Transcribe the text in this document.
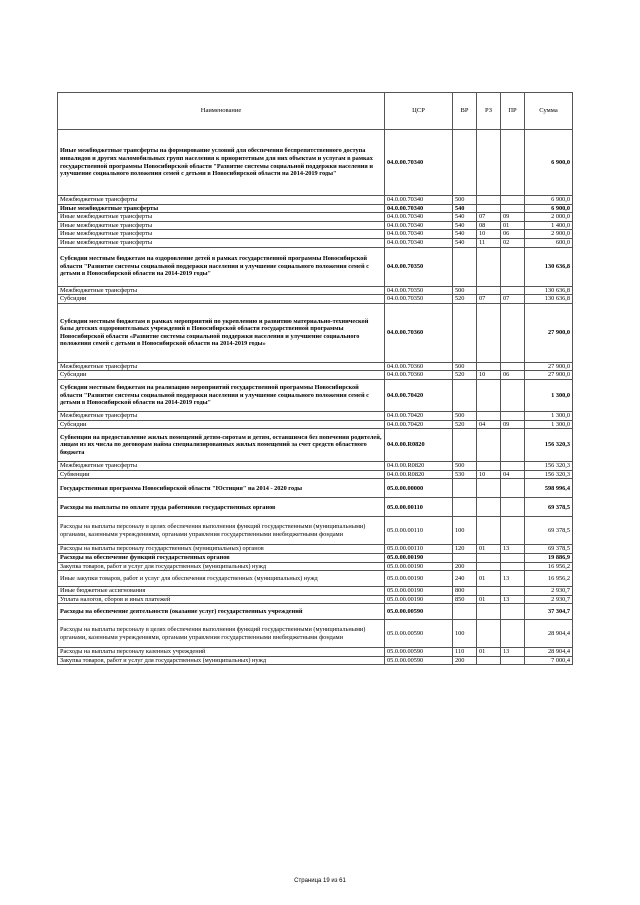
Наименование	ЦСР	ВР	РЗ	ПР	Сумма
Иные межбюджетные трансферты на формирование условий для обеспечения беспрепятственного доступа инвалидов и других маломобильных групп населения к приоритетным для них объектам и услугам в рамках государственной программы Новосибирской области "Развитие системы социальной поддержки населения и улучшение социального положения семей с детьми в Новосибирской области на 2014-2019 годы"	04.0.00.70340				6 900,0
Межбюджетные трансферты	04.0.00.70340	500			6 900,0
Иные межбюджетные трансферты	04.0.00.70340	540			6 900,0
Иные межбюджетные трансферты	04.0.00.70340	540	07	09	2 000,0
Иные межбюджетные трансферты	04.0.00.70340	540	08	01	1 400,0
Иные межбюджетные трансферты	04.0.00.70340	540	10	06	2 900,0
Иные межбюджетные трансферты	04.0.00.70340	540	11	02	600,0
Субсидии местным бюджетам на оздоровление детей в рамках государственной программы Новосибирской области "Развитие системы социальной поддержки населения и улучшение социального положения семей с детьми в Новосибирской области на 2014-2019 годы"	04.0.00.70350				130 636,8
Межбюджетные трансферты	04.0.00.70350	500			130 636,8
Субсидии	04.0.00.70350	520	07	07	130 636,8
Субсидии местным бюджетам в рамках мероприятий по укреплению и развитию материально-технической базы детских оздоровительных учреждений в Новосибирской области государственной программы Новосибирской области «Развитие системы социальной поддержки населения и улучшение социального положения семей с детьми в Новосибирской области на 2014-2019 годы»	04.0.00.70360				27 900,0
Межбюджетные трансферты	04.0.00.70360	500			27 900,0
Субсидии	04.0.00.70360	520	10	06	27 900,0
Субсидии местным бюджетам на реализацию мероприятий государственной программы Новосибирской области "Развитие системы социальной поддержки населения и улучшение социального положения семей с детьми в Новосибирской области на 2014-2019 годы"	04.0.00.70420				1 300,0
Межбюджетные трансферты	04.0.00.70420	500			1 300,0
Субсидии	04.0.00.70420	520	04	09	1 300,0
Субвенции на предоставление жилых помещений детям-сиротам и детям, оставшимся без попечения родителей, лицам из их числа по договорам найма специализированных жилых помещений за счет средств областного бюджета	04.0.00.R0820				156 320,3
Межбюджетные трансферты	04.0.00.R0820	500			156 320,3
Субвенции	04.0.00.R0820	530	10	04	156 320,3
Государственная программа Новосибирской области "Юстиция" на 2014 - 2020 годы	05.0.00.00000				598 996,4
Расходы на выплаты по оплате труда работников государственных органов	05.0.00.00110				69 378,5
Расходы на выплаты персоналу в целях обеспечения выполнения функций государственными (муниципальными) органами, казенными учреждениями, органами управления государственными внебюджетными фондами	05.0.00.00110	100			69 378,5
Расходы на выплаты персоналу государственных (муниципальных) органов	05.0.00.00110	120	01	13	69 378,5
Расходы на обеспечение функций государственных органов	05.0.00.00190				19 886,9
Закупка товаров, работ и услуг для государственных (муниципальных) нужд	05.0.00.00190	200			16 956,2
Иные закупки товаров, работ и услуг для обеспечения государственных (муниципальных) нужд	05.0.00.00190	240	01	13	16 956,2
Иные бюджетные ассигнования	05.0.00.00190	800			2 930,7
Уплата налогов, сборов и иных платежей	05.0.00.00190	850	01	13	2 930,7
Расходы на обеспечение деятельности (оказание услуг) государственных учреждений	05.0.00.00590				37 304,7
Расходы на выплаты персоналу в целях обеспечения выполнения функций государственными (муниципальными) органами, казенными учреждениями, органами управления государственными внебюджетными фондами	05.0.00.00590	100			28 904,4
Расходы на выплаты персоналу казенных учреждений	05.0.00.00590	110	01	13	28 904,4
Закупка товаров, работ и услуг для государственных (муниципальных) нужд	05.0.00.00590	200			7 000,4
Страница 19 из 61
